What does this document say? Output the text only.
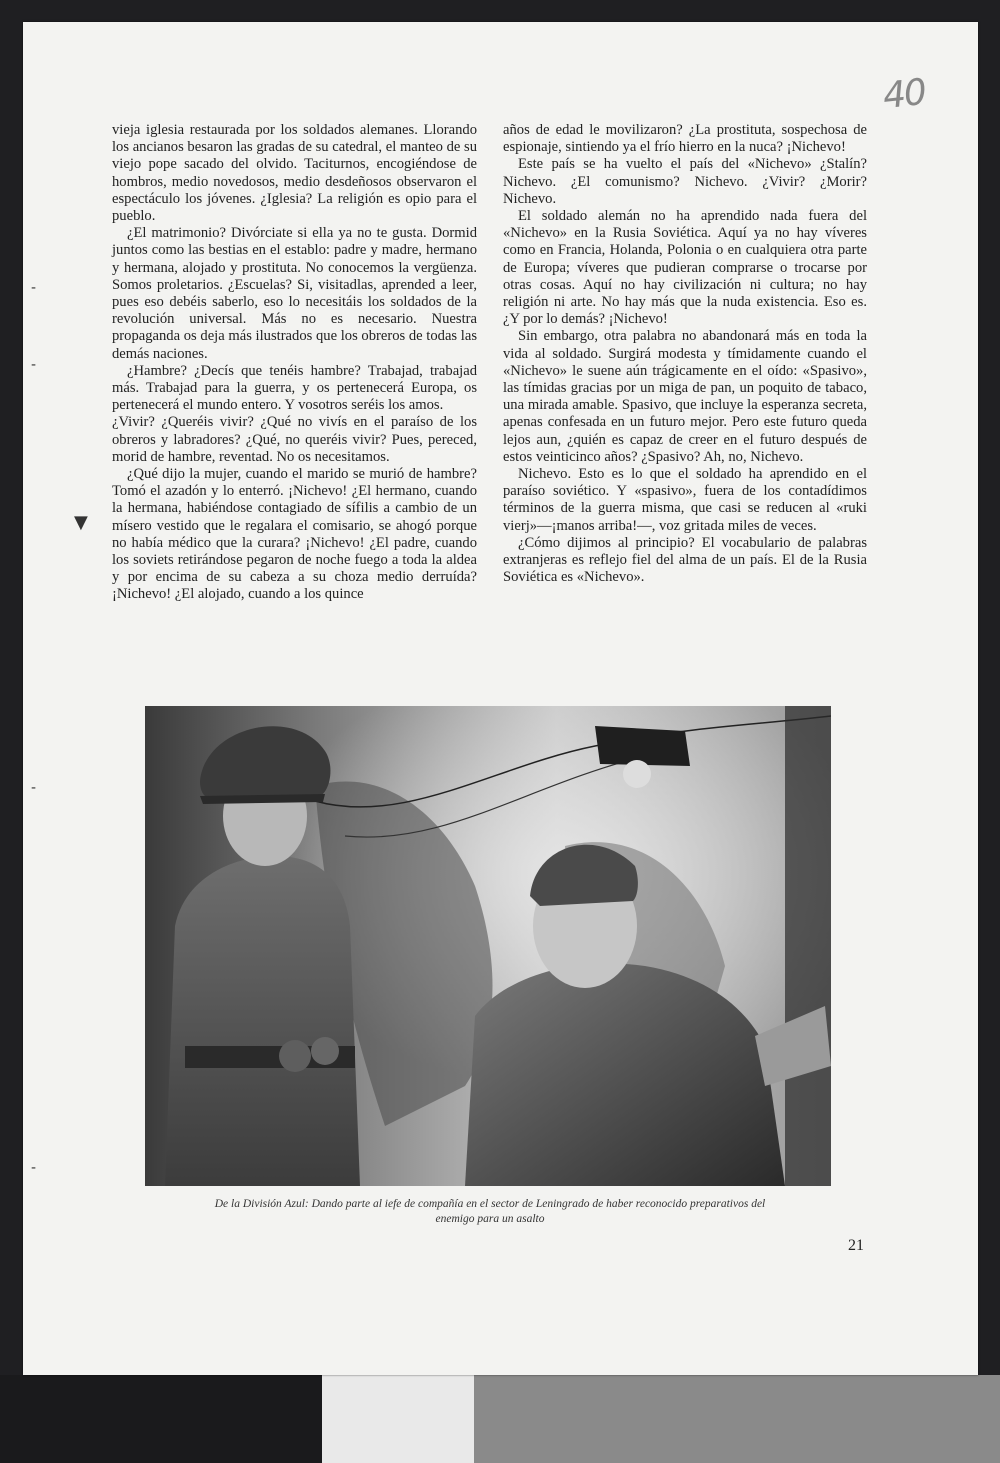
40
-
-
▼
-
-

vieja iglesia restaurada por los soldados alemanes. Llorando los ancianos besaron las gradas de su catedral, el manteo de su viejo pope sacado del olvido. Taciturnos, encogiéndose de hombros, medio novedosos, medio desdeñosos observaron el espectáculo los jóvenes. ¿Iglesia? La religión es opio para el pueblo.

¿El matrimonio? Divórciate si ella ya no te gusta. Dormid juntos como las bestias en el establo: padre y madre, hermano y hermana, alojado y prostituta. No conocemos la vergüenza. Somos proletarios. ¿Escuelas? Si, visitadlas, aprended a leer, pues eso debéis saberlo, eso lo necesitáis los soldados de la revolución universal. Más no es necesario. Nuestra propaganda os deja más ilustrados que los obreros de todas las demás naciones.

¿Hambre? ¿Decís que tenéis hambre? Trabajad, trabajad más. Trabajad para la guerra, y os pertenecerá Europa, os pertenecerá el mundo entero. Y vosotros seréis los amos.

¿Vivir? ¿Queréis vivir? ¿Qué no vivís en el paraíso de los obreros y labradores? ¿Qué, no queréis vivir? Pues, pereced, morid de hambre, reventad. No os necesitamos.

¿Qué dijo la mujer, cuando el marido se murió de hambre? Tomó el azadón y lo enterró. ¡Nichevo! ¿El hermano, cuando la hermana, habiéndose contagiado de sífilis a cambio de un mísero vestido que le regalara el comisario, se ahogó porque no había médico que la curara? ¡Nichevo! ¿El padre, cuando los soviets retirándose pegaron de noche fuego a toda la aldea y por encima de su cabeza a su choza medio derruída? ¡Nichevo! ¿El alojado, cuando a los quince

años de edad le movilizaron? ¿La prostituta, sospechosa de espionaje, sintiendo ya el frío hierro en la nuca? ¡Nichevo!

Este país se ha vuelto el país del «Nichevo» ¿Stalín? Nichevo. ¿El comunismo? Nichevo. ¿Vivir? ¿Morir? Nichevo.

El soldado alemán no ha aprendido nada fuera del «Nichevo» en la Rusia Soviética. Aquí ya no hay víveres como en Francia, Holanda, Polonia o en cualquiera otra parte de Europa; víveres que pudieran comprarse o trocarse por otras cosas. Aquí no hay civilización ni cultura; no hay religión ni arte. No hay más que la nuda existencia. Eso es. ¿Y por lo demás? ¡Nichevo!

Sin embargo, otra palabra no abandonará más en toda la vida al soldado. Surgirá modesta y tímidamente cuando el «Nichevo» le suene aún trágicamente en el oído: «Spasivo», las tímidas gracias por un miga de pan, un poquito de tabaco, una mirada amable. Spasivo, que incluye la esperanza secreta, apenas confesada en un futuro mejor. Pero este futuro queda lejos aun, ¿quién es capaz de creer en el futuro después de estos veinticinco años? ¿Spasivo? Ah, no, Nichevo.

Nichevo. Esto es lo que el soldado ha aprendido en el paraíso soviético. Y «spasivo», fuera de los contadídimos términos de la guerra misma, que casi se reducen al «ruki vierj»—¡manos arriba!—, voz gritada miles de veces.

¿Cómo dijimos al principio? El vocabulario de palabras extranjeras es reflejo fiel del alma de un país. El de la Rusia Soviética es «Nichevo».

De la División Azul: Dando parte al iefe de compañía en el sector de Leningrado de haber reconocido preparativos del
enemigo para un asalto
21
